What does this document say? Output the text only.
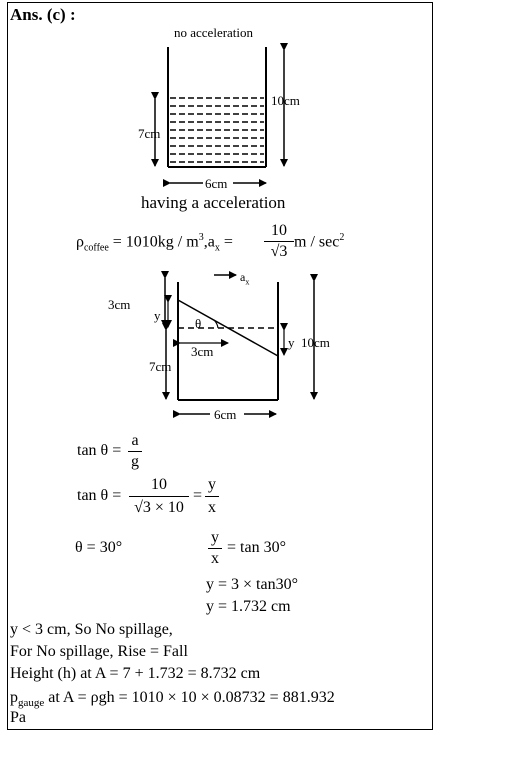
Ans. (c) :
no acceleration
10cm
7cm
6cm
having a acceleration
$\rho_{coffee} = 1010kg / m^3,a_x$ =
10
√3
m / $\sec^2$
$a_x$
3cm
y
θ
3cm
7cm
y 10cm
6cm
tan θ =
a
g
tan θ =
10
√3 × 10
=
y
x
θ = 30°
y
x
= tan 30°
y = 3 × tan30°
y = 1.732 cm
y < 3 cm, So No spillage,
For No spillage, Rise = Fall
Height (h) at A = 7 + 1.732 = 8.732 cm
$p_{gauge}$ at A = ρgh = 1010 × 10 × 0.08732 = 881.932
Pa
